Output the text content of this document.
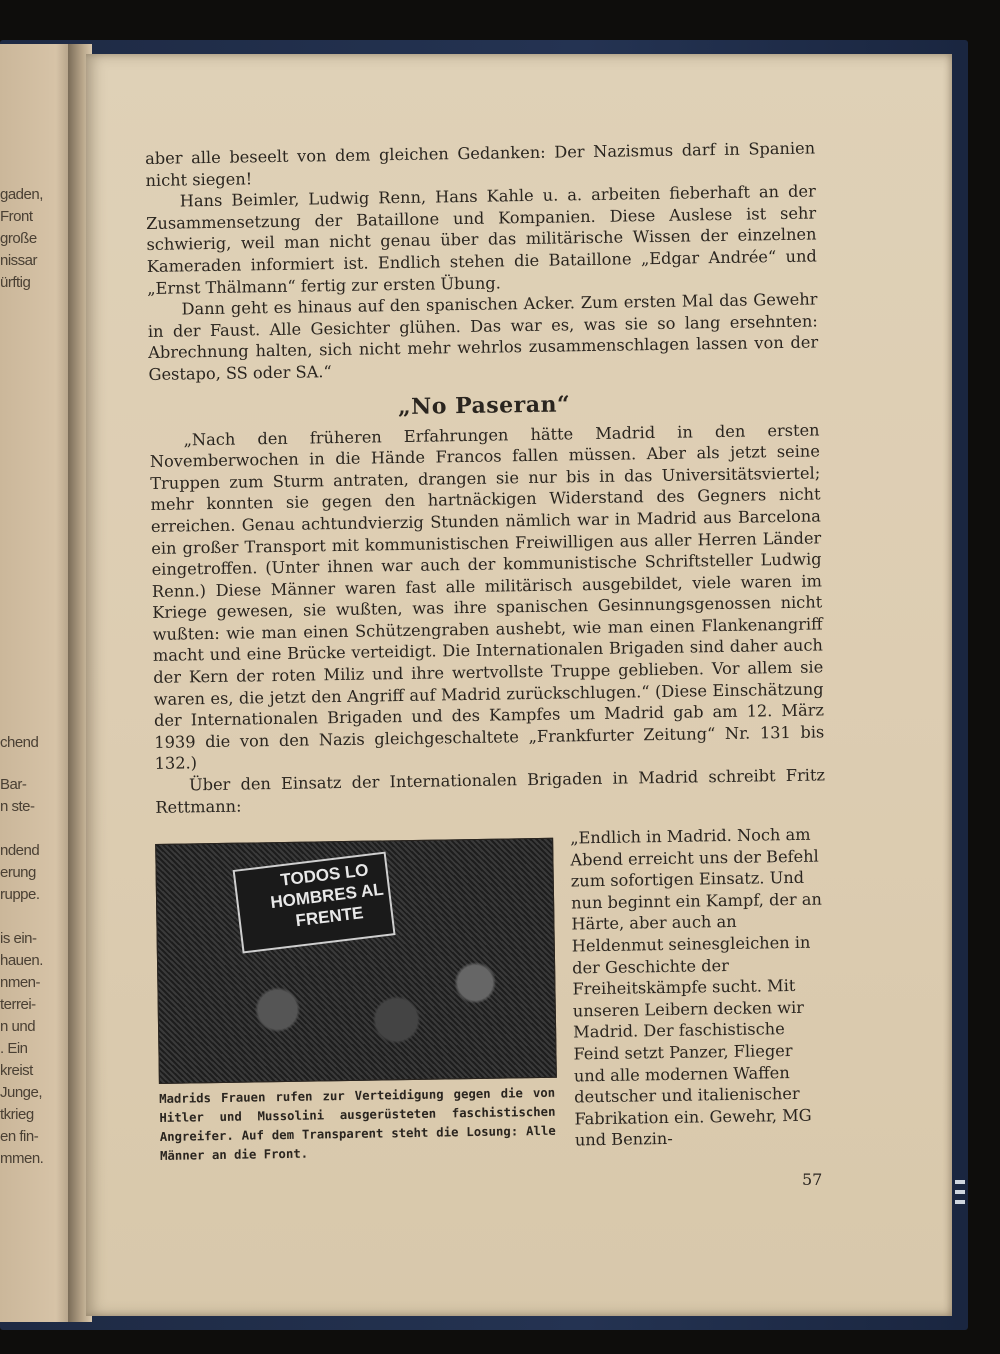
gaden,
Front
große
nissar
ürftig
chend
Bar-
n ste-
ndend
erung
ruppe.
is ein-
hauen.
nmen-
terrei-
n und
. Ein
kreist
Junge,
tkrieg
en fin-
mmen.

aber alle beseelt von dem gleichen Gedanken: Der Nazismus darf in Spanien nicht siegen!

Hans Beimler, Ludwig Renn, Hans Kahle u. a. arbeiten fieberhaft an der Zusammensetzung der Bataillone und Kompanien. Diese Auslese ist sehr schwierig, weil man nicht genau über das militärische Wissen der einzelnen Kameraden informiert ist. Endlich stehen die Bataillone „Edgar Andrée“ und „Ernst Thälmann“ fertig zur ersten Übung.

Dann geht es hinaus auf den spanischen Acker. Zum ersten Mal das Gewehr in der Faust. Alle Gesichter glühen. Das war es, was sie so lang ersehnten: Abrechnung halten, sich nicht mehr wehrlos zusammenschlagen lassen von der Gestapo, SS oder SA.“

„No Paseran“

„Nach den früheren Erfahrungen hätte Madrid in den ersten Novemberwochen in die Hände Francos fallen müssen. Aber als jetzt seine Truppen zum Sturm antraten, drangen sie nur bis in das Universitätsviertel; mehr konnten sie gegen den hartnäckigen Widerstand des Gegners nicht erreichen. Genau achtundvierzig Stunden nämlich war in Madrid aus Barcelona ein großer Transport mit kommunistischen Freiwilligen aus aller Herren Länder eingetroffen. (Unter ihnen war auch der kommunistische Schriftsteller Ludwig Renn.) Diese Männer waren fast alle militärisch ausgebildet, viele waren im Kriege gewesen, sie wußten, was ihre spanischen Gesinnungsgenossen nicht wußten: wie man einen Schützengraben aushebt, wie man einen Flankenangriff macht und eine Brücke verteidigt. Die Internationalen Brigaden sind daher auch der Kern der roten Miliz und ihre wertvollste Truppe geblieben. Vor allem sie waren es, die jetzt den Angriff auf Madrid zurückschlugen.“ (Diese Einschätzung der Internationalen Brigaden und des Kampfes um Madrid gab am 12. März 1939 die von den Nazis gleichgeschaltete „Frankfurter Zeitung“ Nr. 131 bis 132.)

Über den Einsatz der Internationalen Brigaden in Madrid schreibt Fritz Rettmann:

TODOS LO HOMBRES AL FRENTE
Madrids Frauen rufen zur Verteidigung gegen die von Hitler und Mussolini ausgerüsteten faschistischen Angreifer. Auf dem Transparent steht die Losung: Alle Männer an die Front.
„Endlich in Madrid. Noch am Abend erreicht uns der Befehl zum sofortigen Einsatz. Und nun beginnt ein Kampf, der an Härte, aber auch an Heldenmut seinesgleichen in der Geschichte der Freiheitskämpfe sucht. Mit unseren Leibern decken wir Madrid. Der faschistische Feind setzt Panzer, Flieger und alle modernen Waffen deutscher und italienischer Fabrikation ein. Gewehr, MG und Benzin-
57
